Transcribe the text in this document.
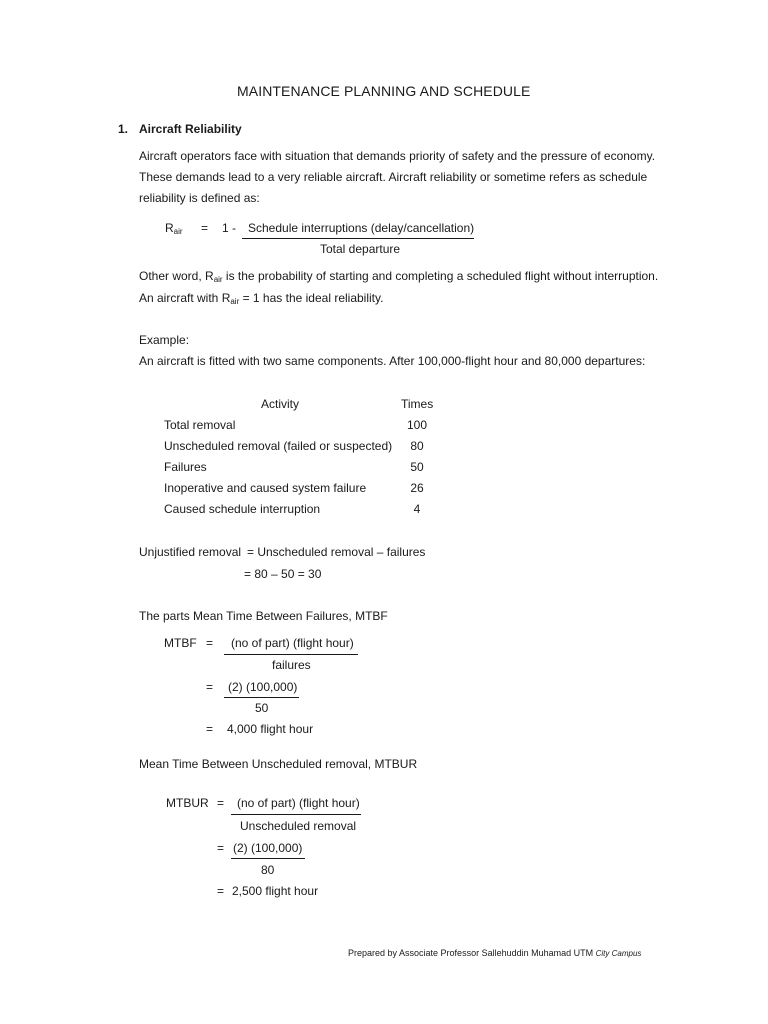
MAINTENANCE PLANNING AND SCHEDULE
1. Aircraft Reliability
Aircraft operators face with situation that demands priority of safety and the pressure of economy.
These demands lead to a very reliable aircraft. Aircraft reliability or sometime refers as schedule
reliability is defined as:
$R_{air} = 1$ - Schedule interruptions (delay/cancellation)
Total departure
Other word, $R_{air}$ is the probability of starting and completing a scheduled flight without interruption.
An aircraft with $R_{air} = 1$ has the ideal reliability.
Example:
An aircraft is fitted with two same components. After 100,000-flight hour and 80,000 departures:
Activity	Times
Total removal	100
Unscheduled removal (failed or suspected)	80
Failures	50
Inoperative and caused system failure	26
Caused schedule interruption	4
Unjustified removal = Unscheduled removal – failures
= 80 – 50 = 30
The parts Mean Time Between Failures, MTBF
MTBF = (no of part) (flight hour)
failures
= (2) (100,000)
50
= 4,000 flight hour
Mean Time Between Unscheduled removal, MTBUR
MTBUR = (no of part) (flight hour)
Unscheduled removal
= (2) (100,000)
80
= 2,500 flight hour
Prepared by Associate Professor Sallehuddin Muhamad UTM City Campus
